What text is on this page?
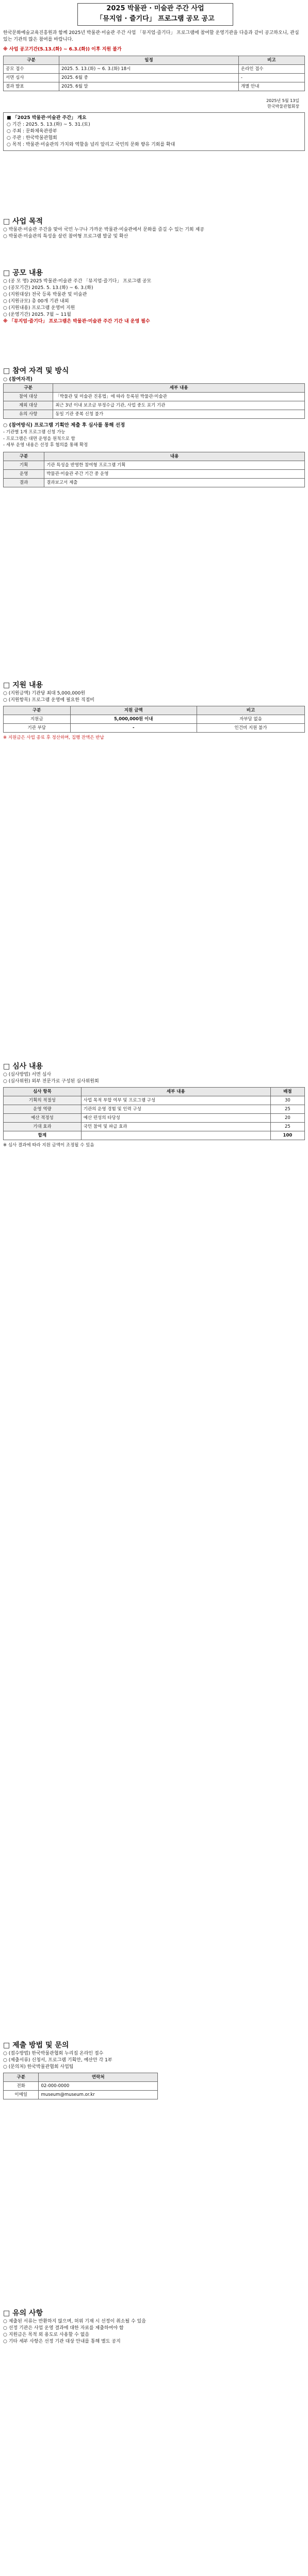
2025 박물관 · 미술관 주간 사업
「뮤지엄 · 즐기다」 프로그램 공모 공고

한국문화예술교육진흥원과 함께 2025년 박물관·미술관 주간 사업 「뮤지엄·즐기다」 프로그램에 참여할 운영기관을 다음과 같이 공고하오니, 관심 있는 기관의 많은 참여를 바랍니다.

※ 사업 공고기간(5.13.(화) ~ 6.3.(화)) 이후 지원 불가

구분	일정	비고
공모 접수	2025. 5. 13.(화) ~ 6. 3.(화) 18시	온라인 접수
서면 심사	2025. 6월 중	-
결과 발표	2025. 6월 말	개별 안내
2025년 5월 13일
한국박물관협회장

■ 「2025 박물관·미술관 주간」 개요

○ 기간 : 2025. 5. 13.(화) ~ 5. 31.(토)

○ 주최 : 문화체육관광부

○ 주관 : 한국박물관협회

○ 목적 : 박물관·미술관의 가치와 역할을 널리 알리고 국민의 문화 향유 기회를 확대

□ 사업 목적

○ 박물관·미술관 주간을 맞아 국민 누구나 가까운 박물관·미술관에서 문화를 즐길 수 있는 기회 제공

○ 박물관·미술관의 특성을 살린 참여형 프로그램 발굴 및 확산

□ 공모 내용

○ (공 모 명) 2025 박물관·미술관 주간 「뮤지엄·즐기다」 프로그램 공모

○ (공모기간) 2025. 5. 13.(화) ~ 6. 3.(화)

○ (지원대상) 전국 등록 박물관 및 미술관

○ (지원규모) 총 00개 기관 내외

○ (지원내용) 프로그램 운영비 지원

○ (운영기간) 2025. 7월 ~ 11월

※ 「뮤지엄·즐기다」 프로그램은 박물관·미술관 주간 기간 내 운영 필수

□ 참여 자격 및 방식

○ (참여자격)

구분	세부 내용
참여 대상	「박물관 및 미술관 진흥법」에 따라 등록된 박물관·미술관
제외 대상	최근 3년 이내 보조금 부정수급 기관, 사업 중도 포기 기관
유의 사항	동일 기관 중복 신청 불가

○ (참여방식) 프로그램 기획안 제출 후 심사를 통해 선정

- 기관별 1개 프로그램 신청 가능

- 프로그램은 대면 운영을 원칙으로 함

- 세부 운영 내용은 선정 후 협의를 통해 확정

구분	내용
기획	기관 특성을 반영한 참여형 프로그램 기획
운영	박물관·미술관 주간 기간 중 운영
결과	결과보고서 제출

□ 지원 내용

○ (지원금액) 기관당 최대 5,000,000원

○ (지원항목) 프로그램 운영에 필요한 직접비

구분	지원 금액	비고
지원금	5,000,000원 이내	자부담 없음
기관 부담	-	인건비 지원 불가

※ 지원금은 사업 종료 후 정산하며, 집행 잔액은 반납

□ 심사 내용

○ (심사방법) 서면 심사

○ (심사위원) 외부 전문가로 구성된 심사위원회

심사 항목	세부 내용	배점
기획의 적절성	사업 목적 부합 여부 및 프로그램 구성	30
운영 역량	기관의 운영 경험 및 인력 구성	25
예산 적정성	예산 편성의 타당성	20
기대 효과	국민 참여 및 파급 효과	25
합계		100

※ 심사 결과에 따라 지원 금액이 조정될 수 있음

□ 제출 방법 및 문의

○ (접수방법) 한국박물관협회 누리집 온라인 접수

○ (제출서류) 신청서, 프로그램 기획안, 예산안 각 1부

○ (문의처) 한국박물관협회 사업팀

구분	연락처
전화	02-000-0000
이메일	museum@museum.or.kr

□ 유의 사항

○ 제출된 서류는 반환하지 않으며, 허위 기재 시 선정이 취소될 수 있음

○ 선정 기관은 사업 운영 결과에 대한 자료를 제출하여야 함

○ 지원금은 목적 외 용도로 사용할 수 없음

○ 기타 세부 사항은 선정 기관 대상 안내를 통해 별도 공지
